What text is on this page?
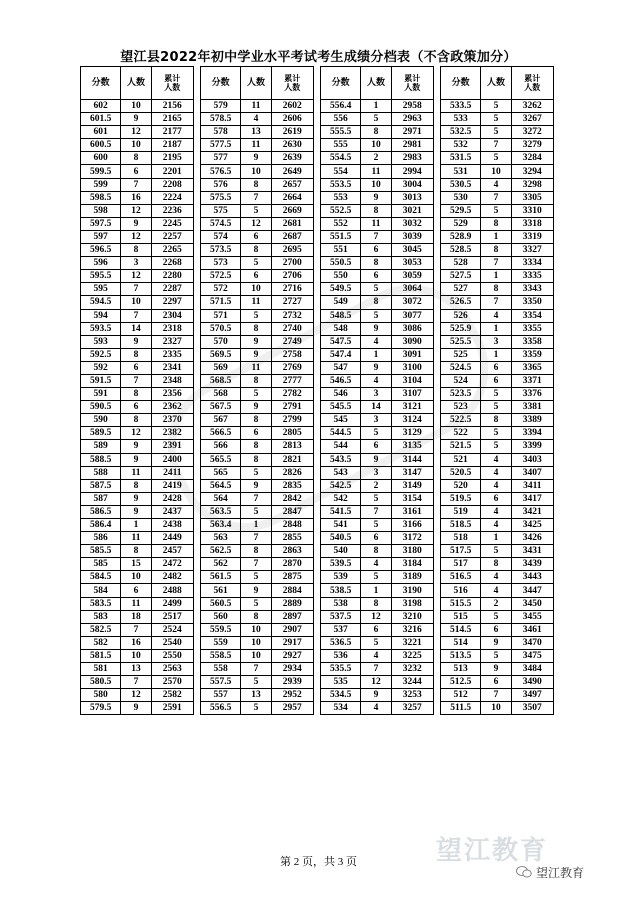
望江县2022年初中学业水平考试考生成绩分档表（不含政策加分）
分数	人数	累计
人数
602	10	2156
601.5	9	2165
601	12	2177
600.5	10	2187
600	8	2195
599.5	6	2201
599	7	2208
598.5	16	2224
598	12	2236
597.5	9	2245
597	12	2257
596.5	8	2265
596	3	2268
595.5	12	2280
595	7	2287
594.5	10	2297
594	7	2304
593.5	14	2318
593	9	2327
592.5	8	2335
592	6	2341
591.5	7	2348
591	8	2356
590.5	6	2362
590	8	2370
589.5	12	2382
589	9	2391
588.5	9	2400
588	11	2411
587.5	8	2419
587	9	2428
586.5	9	2437
586.4	1	2438
586	11	2449
585.5	8	2457
585	15	2472
584.5	10	2482
584	6	2488
583.5	11	2499
583	18	2517
582.5	7	2524
582	16	2540
581.5	10	2550
581	13	2563
580.5	7	2570
580	12	2582
579.5	9	2591
分数	人数	累计
人数
579	11	2602
578.5	4	2606
578	13	2619
577.5	11	2630
577	9	2639
576.5	10	2649
576	8	2657
575.5	7	2664
575	5	2669
574.5	12	2681
574	6	2687
573.5	8	2695
573	5	2700
572.5	6	2706
572	10	2716
571.5	11	2727
571	5	2732
570.5	8	2740
570	9	2749
569.5	9	2758
569	11	2769
568.5	8	2777
568	5	2782
567.5	9	2791
567	8	2799
566.5	6	2805
566	8	2813
565.5	8	2821
565	5	2826
564.5	9	2835
564	7	2842
563.5	5	2847
563.4	1	2848
563	7	2855
562.5	8	2863
562	7	2870
561.5	5	2875
561	9	2884
560.5	5	2889
560	8	2897
559.5	10	2907
559	10	2917
558.5	10	2927
558	7	2934
557.5	5	2939
557	13	2952
556.5	5	2957
分数	人数	累计
人数
556.4	1	2958
556	5	2963
555.5	8	2971
555	10	2981
554.5	2	2983
554	11	2994
553.5	10	3004
553	9	3013
552.5	8	3021
552	11	3032
551.5	7	3039
551	6	3045
550.5	8	3053
550	6	3059
549.5	5	3064
549	8	3072
548.5	5	3077
548	9	3086
547.5	4	3090
547.4	1	3091
547	9	3100
546.5	4	3104
546	3	3107
545.5	14	3121
545	3	3124
544.5	5	3129
544	6	3135
543.5	9	3144
543	3	3147
542.5	2	3149
542	5	3154
541.5	7	3161
541	5	3166
540.5	6	3172
540	8	3180
539.5	4	3184
539	5	3189
538.5	1	3190
538	8	3198
537.5	12	3210
537	6	3216
536.5	5	3221
536	4	3225
535.5	7	3232
535	12	3244
534.5	9	3253
534	4	3257
分数	人数	累计
人数
533.5	5	3262
533	5	3267
532.5	5	3272
532	7	3279
531.5	5	3284
531	10	3294
530.5	4	3298
530	7	3305
529.5	5	3310
529	8	3318
528.9	1	3319
528.5	8	3327
528	7	3334
527.5	1	3335
527	8	3343
526.5	7	3350
526	4	3354
525.9	1	3355
525.5	3	3358
525	1	3359
524.5	6	3365
524	6	3371
523.5	5	3376
523	5	3381
522.5	8	3389
522	5	3394
521.5	5	3399
521	4	3403
520.5	4	3407
520	4	3411
519.5	6	3417
519	4	3421
518.5	4	3425
518	1	3426
517.5	5	3431
517	8	3439
516.5	4	3443
516	4	3447
515.5	2	3450
515	5	3455
514.5	6	3461
514	9	3470
513.5	5	3475
513	9	3484
512.5	6	3490
512	7	3497
511.5	10	3507
第 2 页，共 3 页	望江教育
望江教育
